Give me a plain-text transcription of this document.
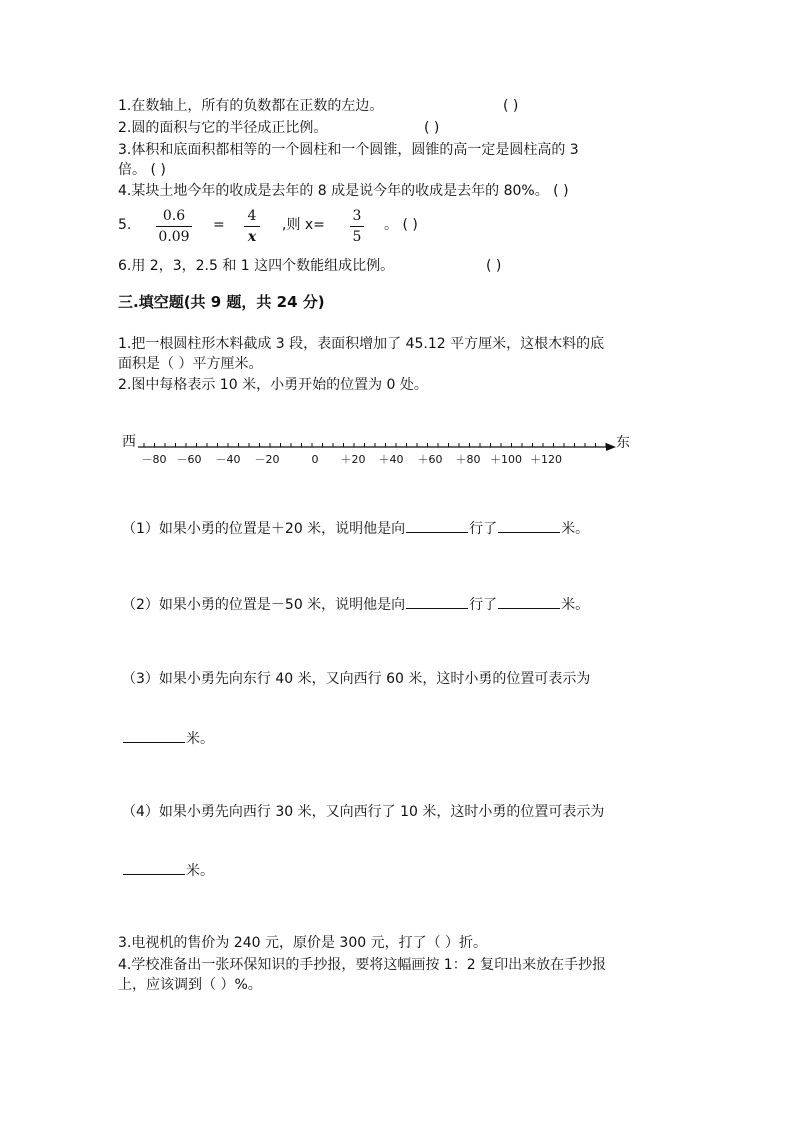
1.在数轴上，所有的负数都在正数的左边。	( )
2.圆的面积与它的半径成正比例。	( )
3.体积和底面积都相等的一个圆柱和一个圆锥，圆锥的高一定是圆柱高的 3
倍。 ( )
4.某块土地今年的收成是去年的 8 成是说今年的收成是去年的 80%。 ( )
5.
0.6
0.09
=
4
x
,则 x=
3
5
。 ( )
6.用 2，3，2.5 和 1 这四个数能组成比例。	( )
三.填空题(共 9 题，共 24 分)
1.把一根圆柱形木料截成 3 段，表面积增加了 45.12 平方厘米，这根木料的底
面积是（ ）平方厘米。
2.图中每格表示 10 米，小勇开始的位置为 0 处。
西	东
－80 －60 －40 －20	0 ＋20 ＋40 ＋60 ＋80 ＋100 ＋120
（1）如果小勇的位置是＋20 米，说明他是向	行了	米。
（2）如果小勇的位置是－50 米，说明他是向	行了	米。
（3）如果小勇先向东行 40 米，又向西行 60 米，这时小勇的位置可表示为
米。
（4）如果小勇先向西行 30 米，又向西行了 10 米，这时小勇的位置可表示为
米。
3.电视机的售价为 240 元，原价是 300 元，打了（ ）折。
4.学校准备出一张环保知识的手抄报，要将这幅画按 1：2 复印出来放在手抄报
上，应该调到（ ）%。
